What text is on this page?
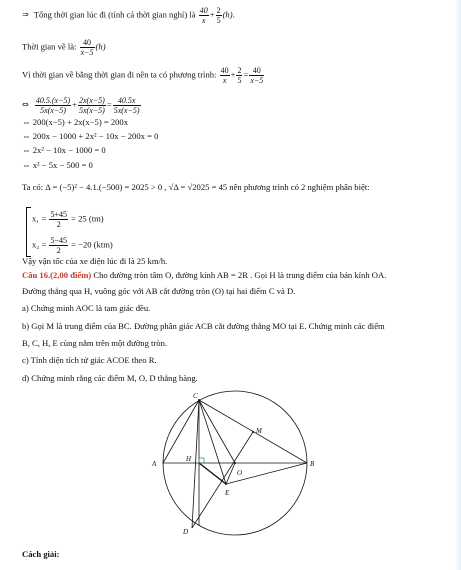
⇒ Tổng thời gian lúc đi (tính cả thời gian nghỉ) là $\frac{40}{x} + \frac{2}{5} (h)$.
Thời gian về là: $\frac{40}{x-5} (h)$
Vì thời gian về bằng thời gian đi nên ta có phương trình: $\frac{40}{x} + \frac{2}{5} = \frac{40}{x-5}$
⇔ $\frac{40.5.(x-5)}{5x(x-5)} + \frac{2x(x-5)}{5x(x-5)} = \frac{40.5x}{5x(x-5)}$
⇔ 200(x−5) + 2x(x−5) = 200x
⇔ 200x − 1000 + 2x² − 10x − 200x = 0
⇔ 2x² − 10x − 1000 = 0
⇔ x² − 5x − 500 = 0
Ta có: Δ = (−5)² − 4.1.(−500) = 2025 > 0 , √Δ = √2025 = 45 nên phương trình có 2 nghiệm phân biệt:
$x_1 = \frac{5+45}{2} = 25$ (tm)
$x_2 = \frac{5-45}{2} = -20$ (ktm)
Vậy vận tốc của xe điện lúc đi là 25 km/h.
Câu 16.(2,00 điểm) Cho đường tròn tâm O, đường kính AB = 2R . Gọi H là trung điểm của bán kính OA.
Đường thẳng qua H, vuông góc với AB cắt đường tròn (O) tại hai điểm C và D.
a) Chứng minh AOC là tam giác đều.
b) Gọi M là trung điểm của BC. Đường phân giác ACB cắt đường thẳng MO tại E. Chứng minh các điểm
B, C, H, E cùng nằm trên một đường tròn.
c) Tính diện tích tứ giác ACOE theo R.
d) Chứng minh rằng các điểm M, O, D thẳng hàng.
A	B
C
D
H
O
M
E
Cách giải:
